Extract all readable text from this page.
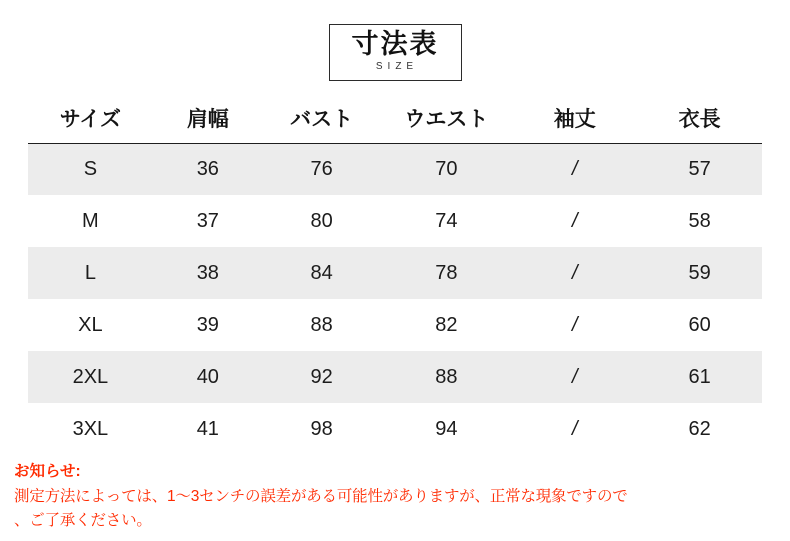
寸法表
SIZE
サイズ	肩幅	バスト	ウエスト	袖丈	衣長
S	36	76	70	/	57
M	37	80	74	/	58
L	38	84	78	/	59
XL	39	88	82	/	60
2XL	40	92	88	/	61
3XL	41	98	94	/	62
お知らせ:
測定方法によっては、1〜3センチの誤差がある可能性がありますが、正常な現象ですので
、ご了承ください。
